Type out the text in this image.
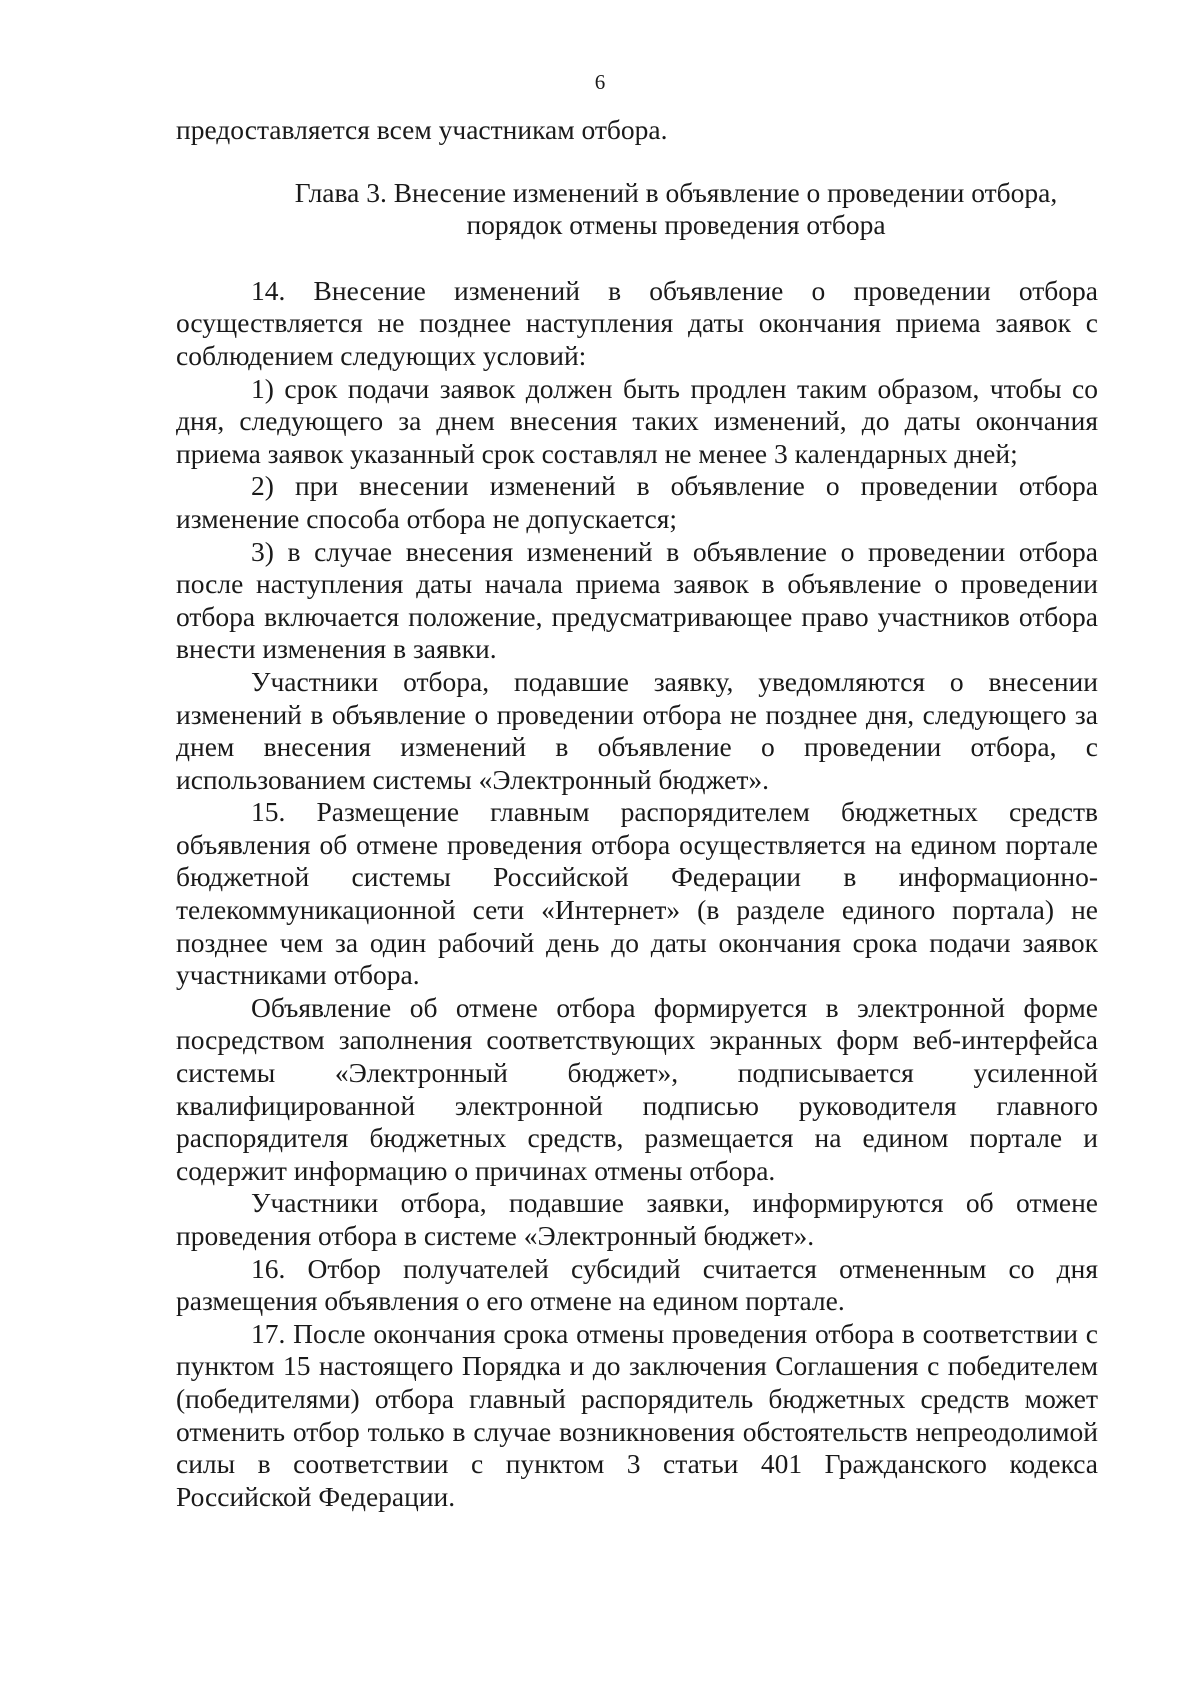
6

предоставляется всем участникам отбора.

Глава 3. Внесение изменений в объявление о проведении отбора,
порядок отмены проведения отбора

14. Внесение изменений в объявление о проведении отбора осуществляется не позднее наступления даты окончания приема заявок с соблюдением следующих условий:

1) срок подачи заявок должен быть продлен таким образом, чтобы со дня, следующего за днем внесения таких изменений, до даты окончания приема заявок указанный срок составлял не менее 3 календарных дней;

2) при внесении изменений в объявление о проведении отбора изменение способа отбора не допускается;

3) в случае внесения изменений в объявление о проведении отбора после наступления даты начала приема заявок в объявление о проведении отбора включается положение, предусматривающее право участников отбора внести изменения в заявки.

Участники отбора, подавшие заявку, уведомляются о внесении изменений в объявление о проведении отбора не позднее дня, следующего за днем внесения изменений в объявление о проведении отбора, с использованием системы «Электронный бюджет».

15. Размещение главным распорядителем бюджетных средств объявления об отмене проведения отбора осуществляется на едином портале бюджетной системы Российской Федерации в информационно-телекоммуникационной сети «Интернет» (в разделе единого портала) не позднее чем за один рабочий день до даты окончания срока подачи заявок участниками отбора.

Объявление об отмене отбора формируется в электронной форме посредством заполнения соответствующих экранных форм веб-интерфейса системы «Электронный бюджет», подписывается усиленной квалифицированной электронной подписью руководителя главного распорядителя бюджетных средств, размещается на едином портале и содержит информацию о причинах отмены отбора.

Участники отбора, подавшие заявки, информируются об отмене проведения отбора в системе «Электронный бюджет».

16. Отбор получателей субсидий считается отмененным со дня размещения объявления о его отмене на едином портале.

17. После окончания срока отмены проведения отбора в соответствии с пунктом 15 настоящего Порядка и до заключения Соглашения с победителем (победителями) отбора главный распорядитель бюджетных средств может отменить отбор только в случае возникновения обстоятельств непреодолимой силы в соответствии с пунктом 3 статьи 401 Гражданского кодекса Российской Федерации.
